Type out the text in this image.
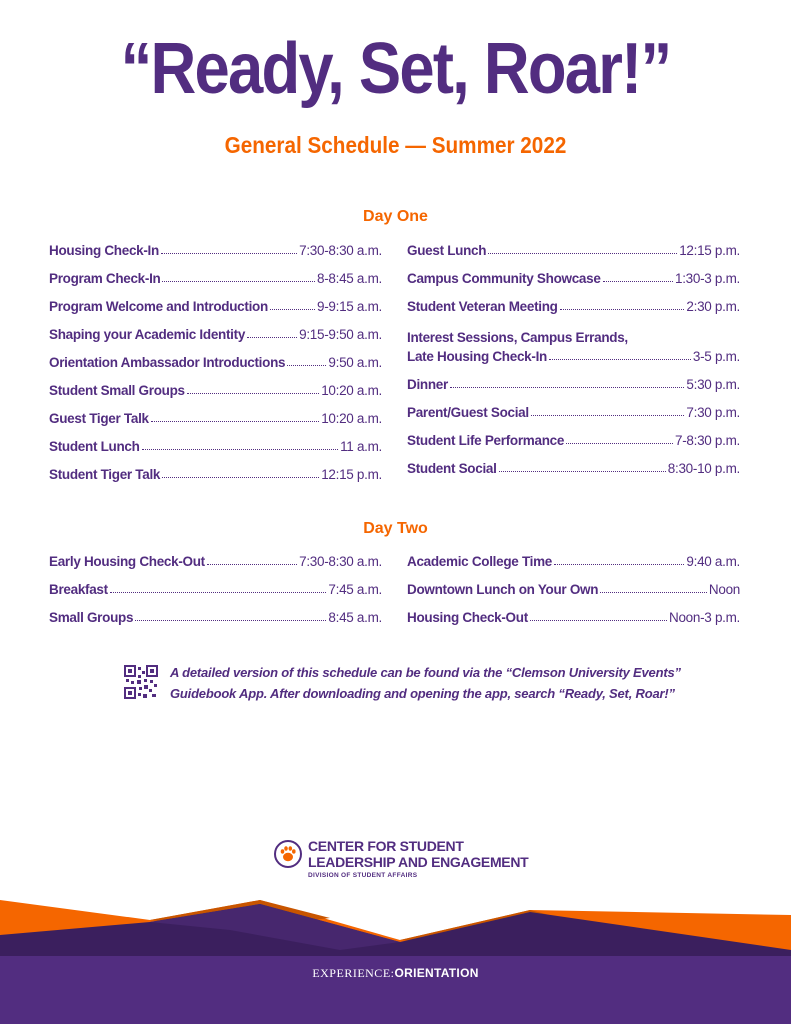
“Ready, Set, Roar!”
General Schedule — Summer 2022
Day One
Housing Check-In	7:30-8:30 a.m.
Program Check-In	8-8:45 a.m.
Program Welcome and Introduction	9-9:15 a.m.
Shaping your Academic Identity	9:15-9:50 a.m.
Orientation Ambassador Introductions	9:50 a.m.
Student Small Groups	10:20 a.m.
Guest Tiger Talk	10:20 a.m.
Student Lunch	11 a.m.
Student Tiger Talk	12:15 p.m.
Guest Lunch	12:15 p.m.
Campus Community Showcase	1:30-3 p.m.
Student Veteran Meeting	2:30 p.m.
Interest Sessions, Campus Errands,
Late Housing Check-In	3-5 p.m.
Dinner	5:30 p.m.
Parent/Guest Social	7:30 p.m.
Student Life Performance	7-8:30 p.m.
Student Social	8:30-10 p.m.
Day Two
Early Housing Check-Out	7:30-8:30 a.m.
Breakfast	7:45 a.m.
Small Groups	8:45 a.m.
Academic College Time	9:40 a.m.
Downtown Lunch on Your Own	Noon
Housing Check-Out	Noon-3 p.m.
A detailed version of this schedule can be found via the “Clemson University Events”
Guidebook App. After downloading and opening the app, search “Ready, Set, Roar!”
CENTER FOR STUDENT
LEADERSHIP AND ENGAGEMENT
DIVISION OF STUDENT AFFAIRS
EXPERIENCE:ORIENTATION
